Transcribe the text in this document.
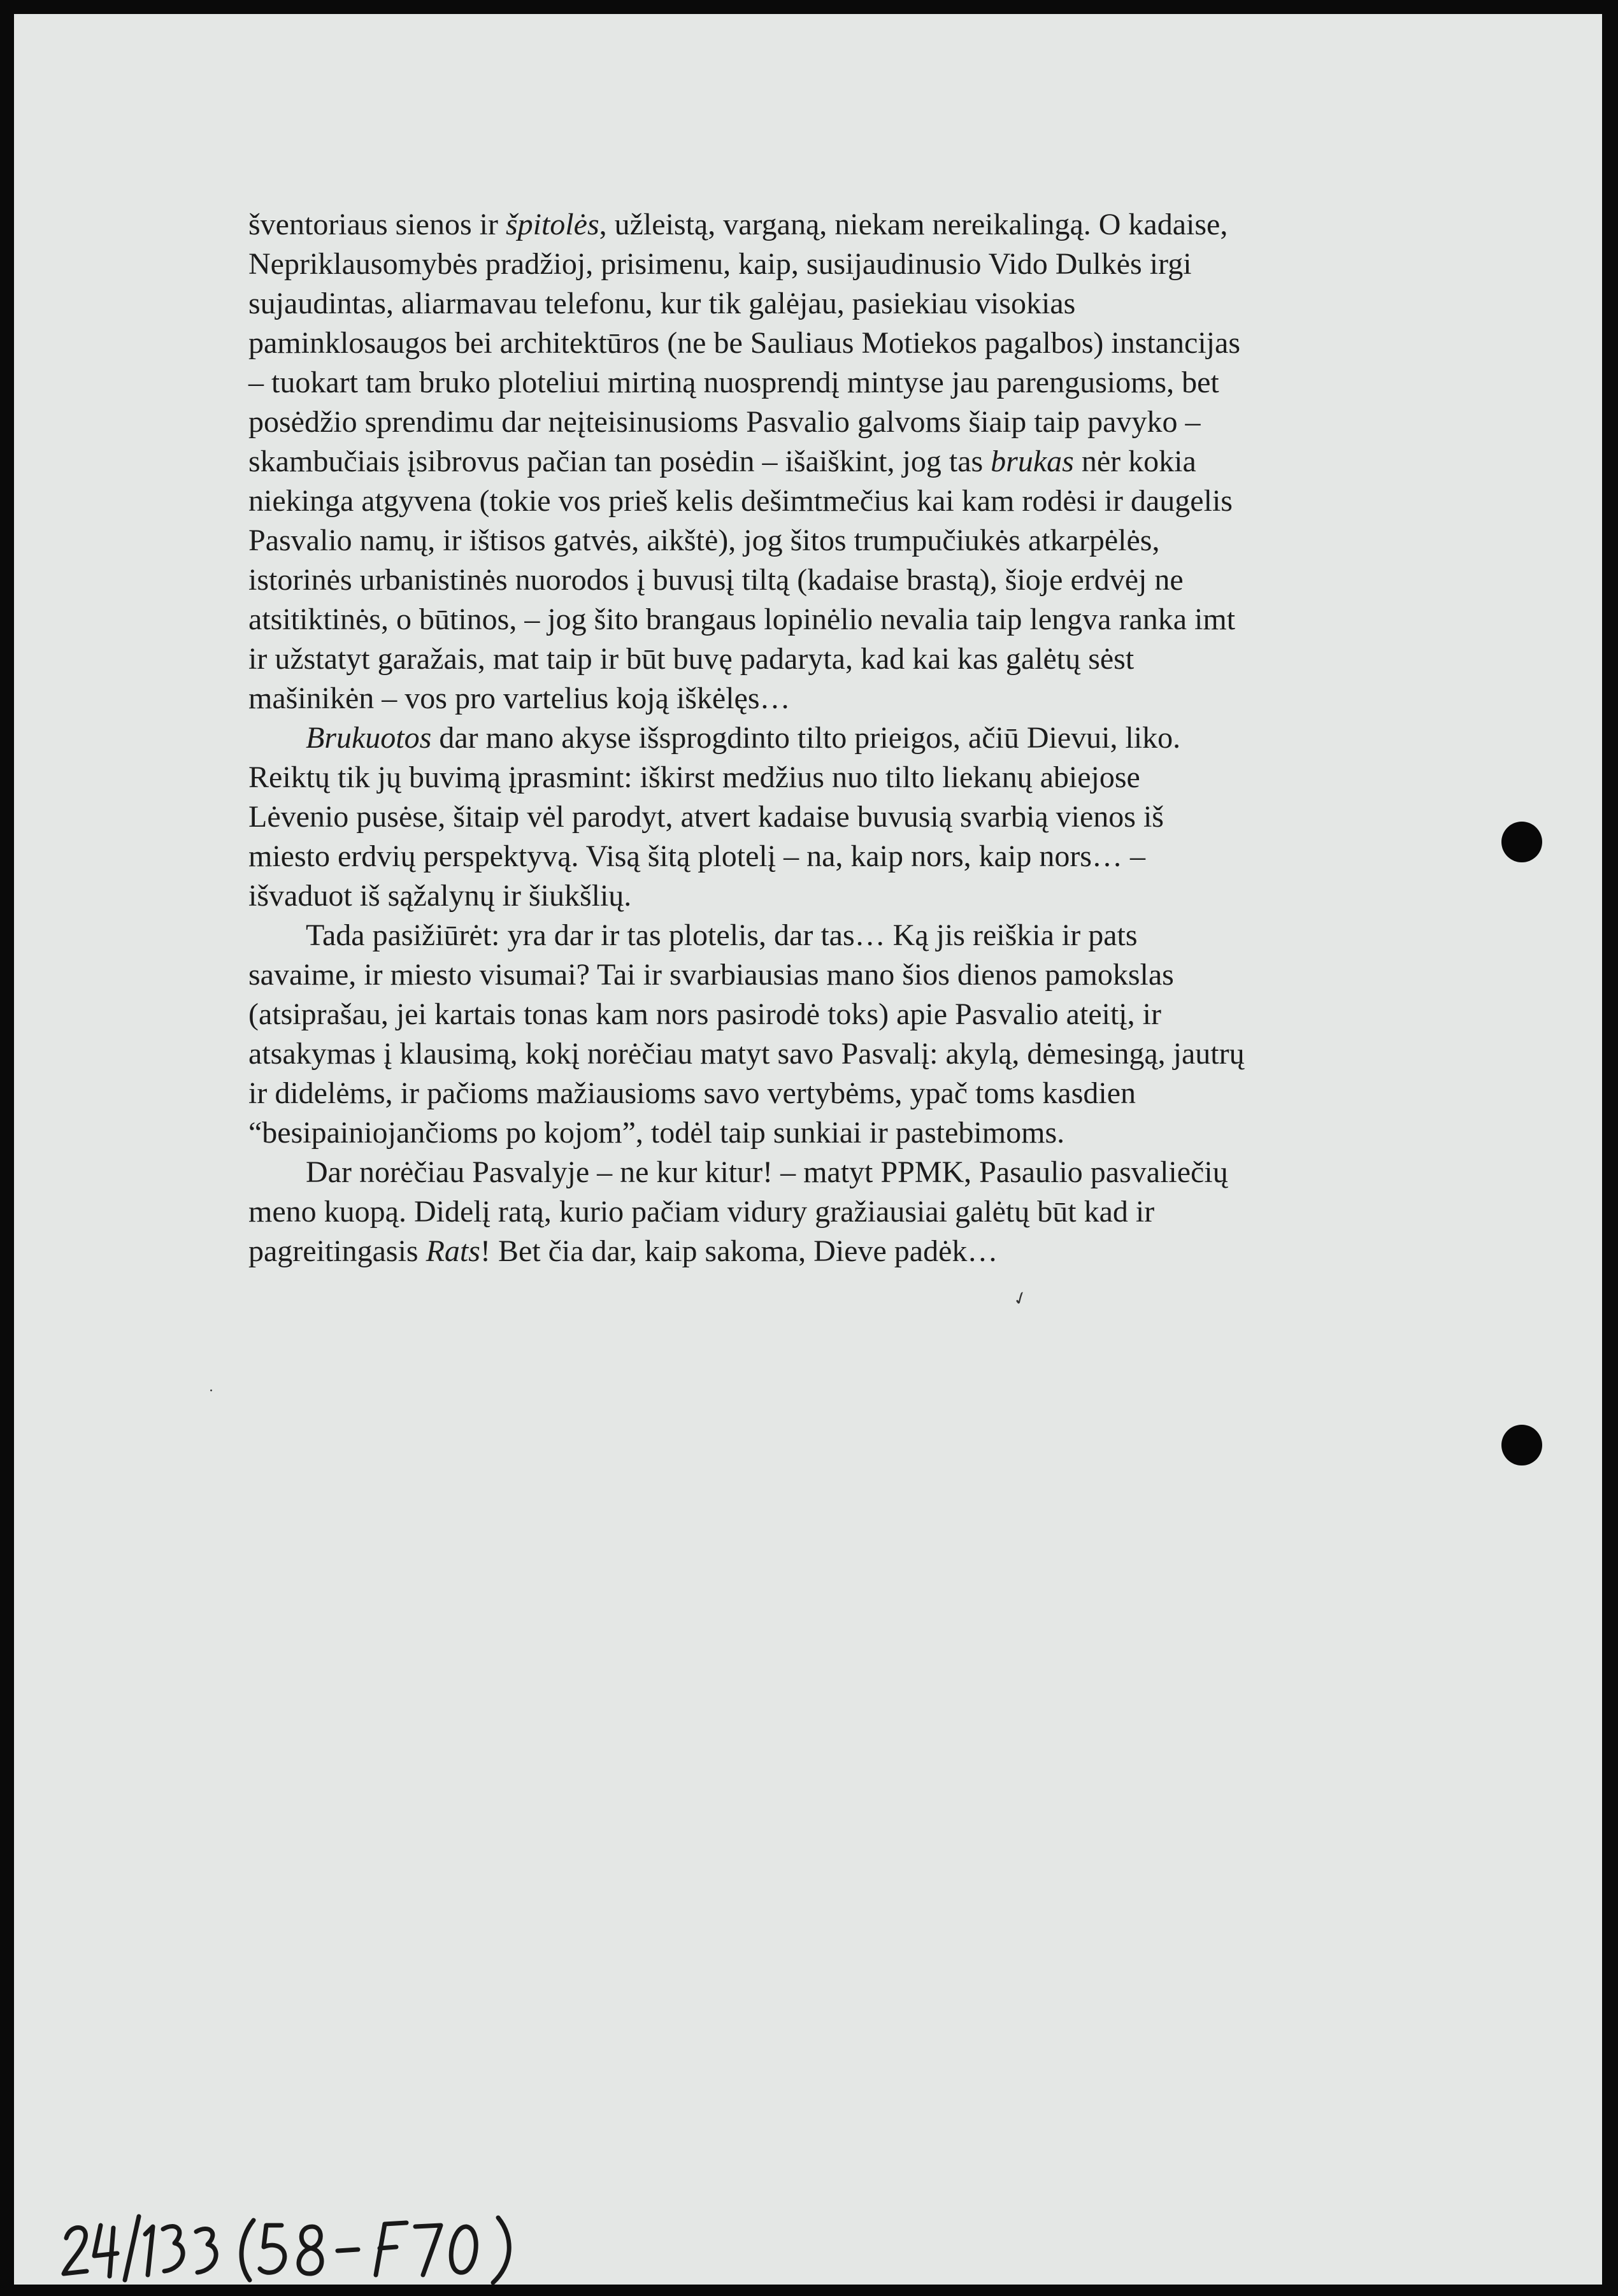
šventoriaus sienos ir špitolės, užleistą, varganą, niekam nereikalingą. O kadaise,
Nepriklausomybės pradžioj, prisimenu, kaip, susijaudinusio Vido Dulkės irgi
sujaudintas, aliarmavau telefonu, kur tik galėjau, pasiekiau visokias
paminklosaugos bei architektūros (ne be Sauliaus Motiekos pagalbos) instancijas
– tuokart tam bruko ploteliui mirtiną nuosprendį mintyse jau parengusioms, bet
posėdžio sprendimu dar neįteisinusioms Pasvalio galvoms šiaip taip pavyko –
skambučiais įsibrovus pačian tan posėdin – išaiškint, jog tas brukas nėr kokia
niekinga atgyvena (tokie vos prieš kelis dešimtmečius kai kam rodėsi ir daugelis
Pasvalio namų, ir ištisos gatvės, aikštė), jog šitos trumpučiukės atkarpėlės,
istorinės urbanistinės nuorodos į buvusį tiltą (kadaise brastą), šioje erdvėj ne
atsitiktinės, o būtinos, – jog šito brangaus lopinėlio nevalia taip lengva ranka imt
ir užstatyt garažais, mat taip ir būt buvę padaryta, kad kai kas galėtų sėst
mašinikėn – vos pro vartelius koją iškėlęs…
Brukuotos dar mano akyse išsprogdinto tilto prieigos, ačiū Dievui, liko.
Reiktų tik jų buvimą įprasmint: iškirst medžius nuo tilto liekanų abiejose
Lėvenio pusėse, šitaip vėl parodyt, atvert kadaise buvusią svarbią vienos iš
miesto erdvių perspektyvą. Visą šitą plotelį – na, kaip nors, kaip nors… –
išvaduot iš sąžalynų ir šiukšlių.
Tada pasižiūrėt: yra dar ir tas plotelis, dar tas… Ką jis reiškia ir pats
savaime, ir miesto visumai? Tai ir svarbiausias mano šios dienos pamokslas
(atsiprašau, jei kartais tonas kam nors pasirodė toks) apie Pasvalio ateitį, ir
atsakymas į klausimą, kokį norėčiau matyt savo Pasvalį: akylą, dėmesingą, jautrų
ir didelėms, ir pačioms mažiausioms savo vertybėms, ypač toms kasdien
“besipainiojančioms po kojom”, todėl taip sunkiai ir pastebimoms.
Dar norėčiau Pasvalyje – ne kur kitur! – matyt PPMK, Pasaulio pasvaliečių
meno kuopą. Didelį ratą, kurio pačiam vidury gražiausiai galėtų būt kad ir
pagreitingasis Rats! Bet čia dar, kaip sakoma, Dieve padėk…
✓
·
